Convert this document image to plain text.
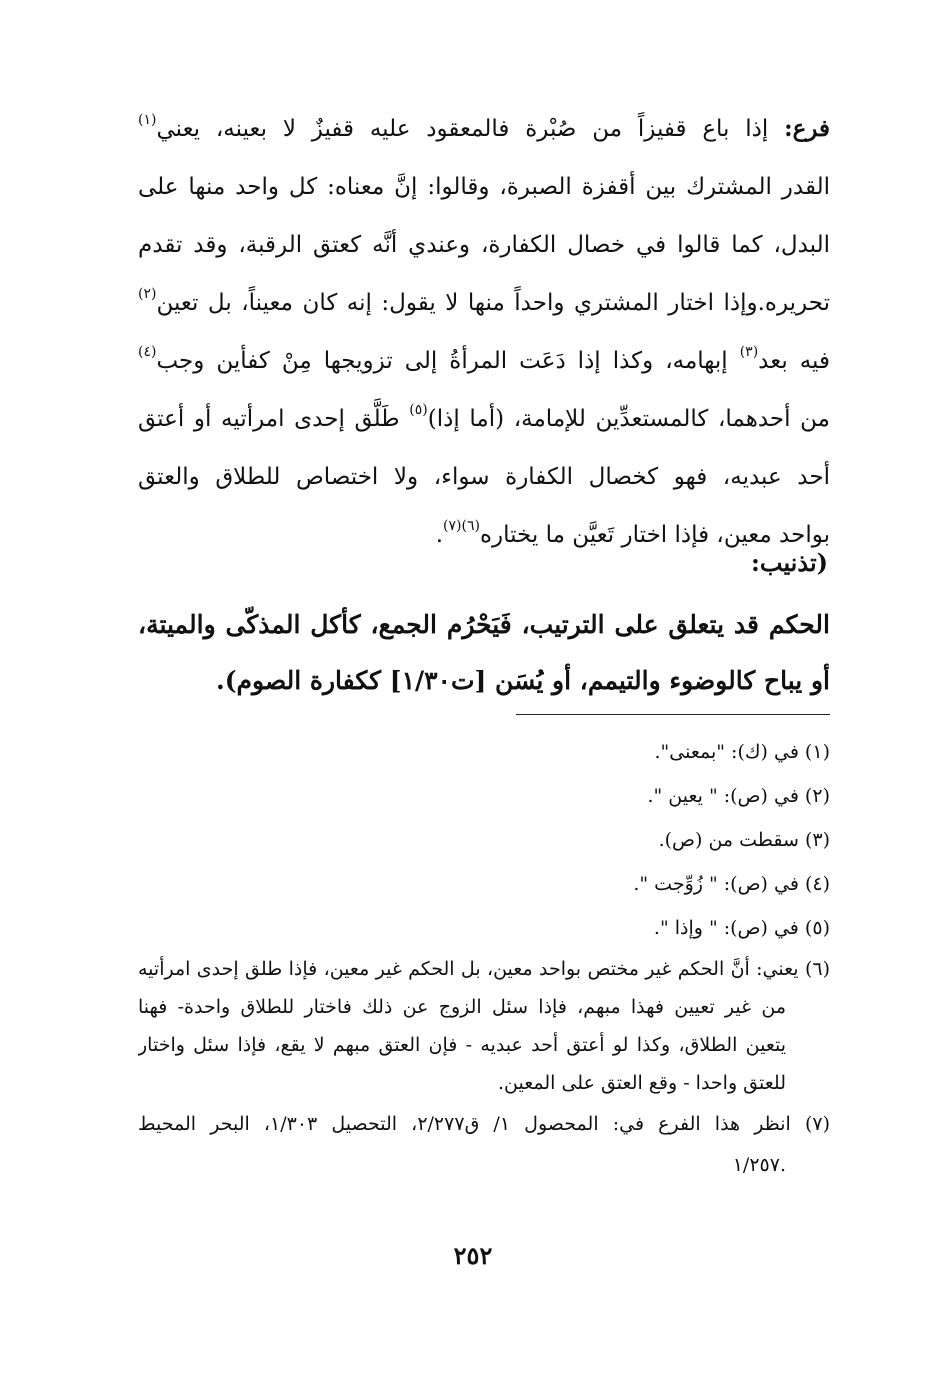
فرع: إذا باع قفيزاً من صُبْرة فالمعقود عليه قفيزٌ لا بعينه، يعني$^{(١)}$
القدر المشترك بين أقفزة الصبرة، وقالوا: إنَّ معناه: كل واحد منها على
البدل، كما قالوا في خصال الكفارة، وعندي أنَّه كعتق الرقبة، وقد تقدم
تحريره.وإذا اختار المشتري واحداً منها لا يقول: إنه كان معيناً، بل تعين$^{(٢)}$
فيه بعد$^{(٣)}$ إبهامه، وكذا إذا دَعَت المرأةُ إلى تزويجها مِنْ كفأين وجب$^{(٤)}$
من أحدهما، كالمستعدِّين للإمامة، (أما إذا)$^{(٥)}$ طَلَّق إحدى امرأتيه أو أعتق
أحد عبديه، فهو كخصال الكفارة سواء، ولا اختصاص للطلاق والعتق
بواحد معين، فإذا اختار تَعيَّن ما يختاره$^{(٦)(٧)}$.
(تذنيب:
الحكم قد يتعلق على الترتيب، فَيَحْرُم الجمع، كأكل المذكّى والميتة،
أو يباح كالوضوء والتيمم، أو يُسَن [ت١/٣٠] ككفارة الصوم).
(١) في (ك): "بمعنى".
(٢) في (ص): " يعين ".
(٣) سقطت من (ص).
(٤) في (ص): " زُوِّجت ".
(٥) في (ص): " وإذا ".
(٦) يعني: أنَّ الحكم غير مختص بواحد معين، بل الحكم غير معين، فإذا طلق إحدى امرأتيه
من غير تعيين فهذا مبهم، فإذا سئل الزوج عن ذلك فاختار للطلاق واحدة- فهنا
يتعين الطلاق، وكذا لو أعتق أحد عبديه - فإن العتق مبهم لا يقع، فإذا سئل واختار
للعتق واحدا - وقع العتق على المعين.
(٧) انظر هذا الفرع في: المحصول ١/ ق٢/٢٧٧، التحصيل ١/٣٠٣، البحر المحيط
.١/٢٥٧
٢٥٢
